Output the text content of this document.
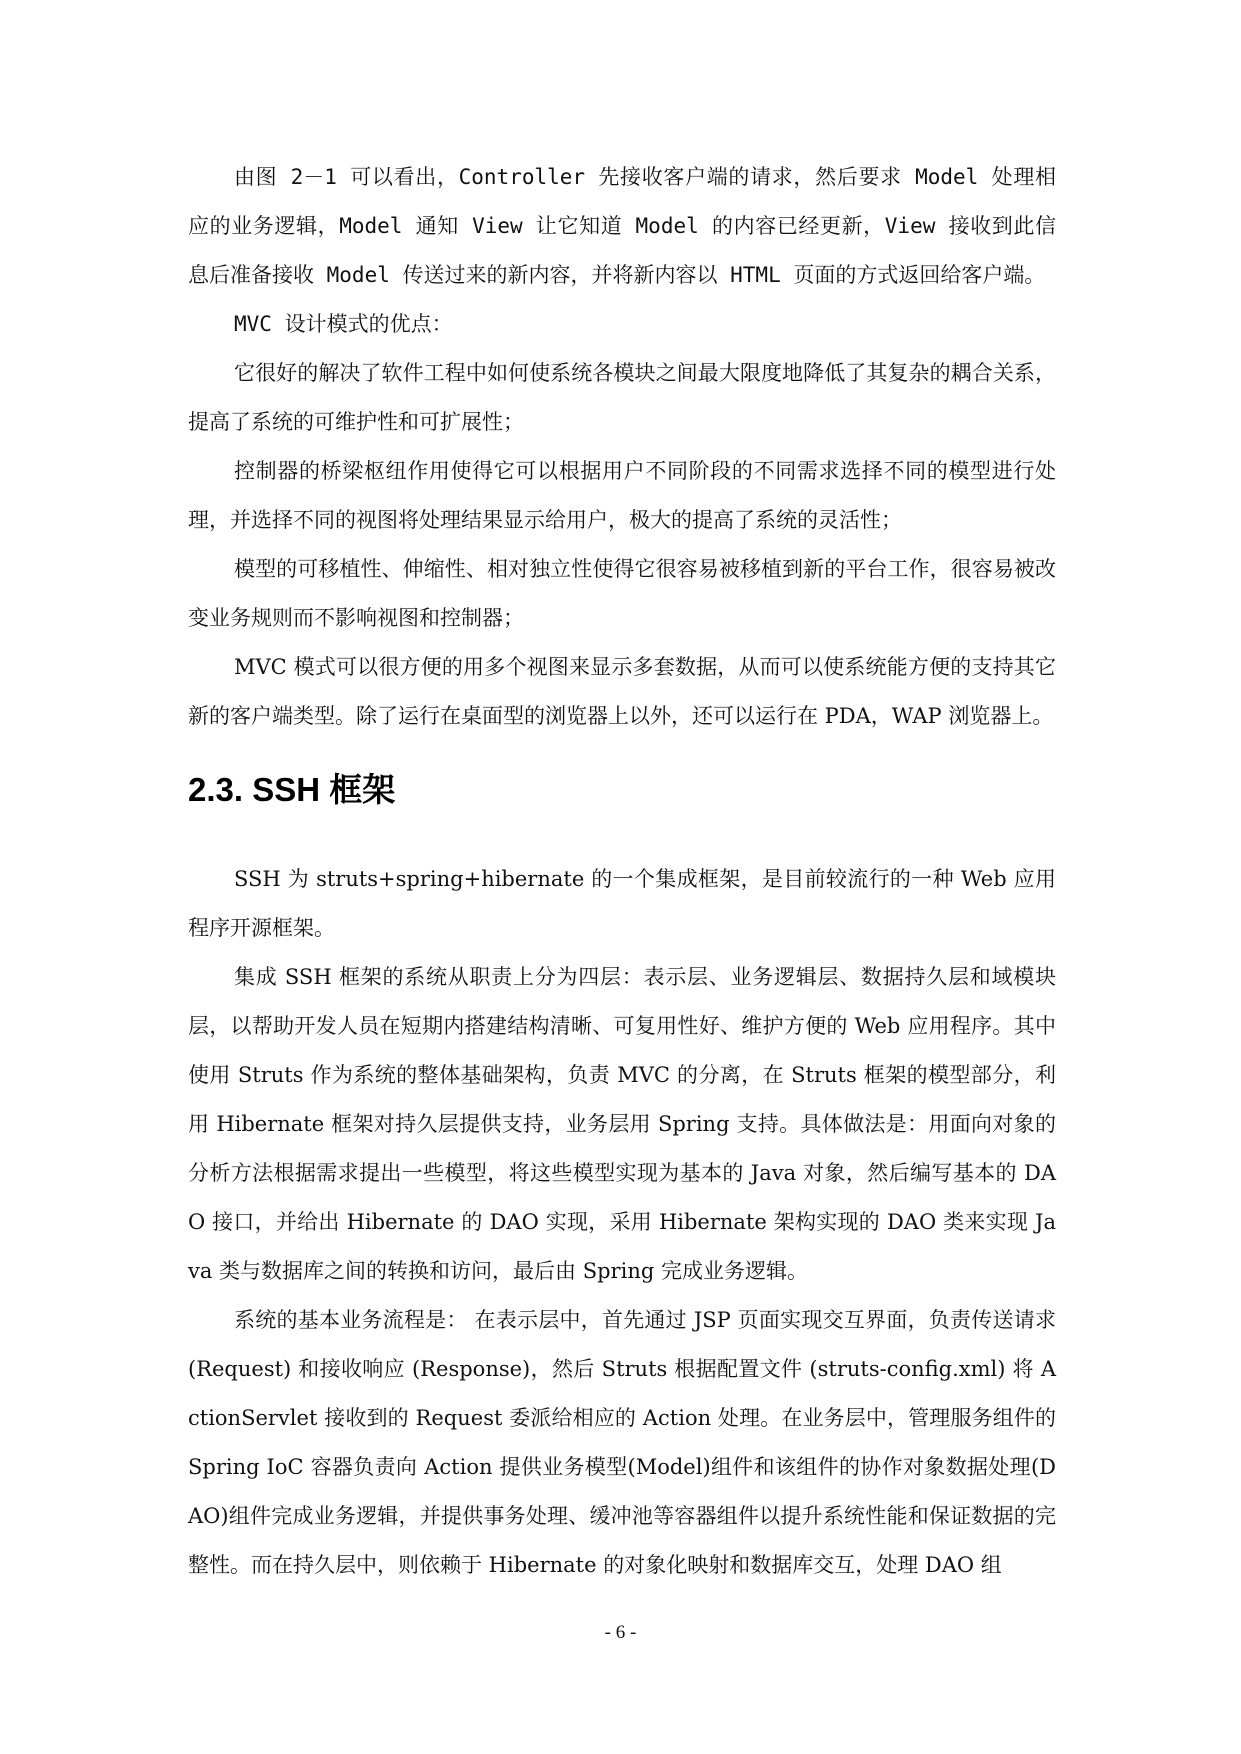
由图 2－1 可以看出，Controller 先接收客户端的请求，然后要求 Model 处理相应的业务逻辑，Model 通知 View 让它知道 Model 的内容已经更新，View 接收到此信息后准备接收 Model 传送过来的新内容，并将新内容以 HTML 页面的方式返回给客户端。

MVC 设计模式的优点：

它很好的解决了软件工程中如何使系统各模块之间最大限度地降低了其复杂的耦合关系，提高了系统的可维护性和可扩展性；

控制器的桥梁枢纽作用使得它可以根据用户不同阶段的不同需求选择不同的模型进行处理，并选择不同的视图将处理结果显示给用户，极大的提高了系统的灵活性；

模型的可移植性、伸缩性、相对独立性使得它很容易被移植到新的平台工作，很容易被改变业务规则而不影响视图和控制器；

MVC 模式可以很方便的用多个视图来显示多套数据，从而可以使系统能方便的支持其它新的客户端类型。除了运行在桌面型的浏览器上以外，还可以运行在 PDA，WAP 浏览器上。

2.3. SSH 框架

SSH 为 struts+spring+hibernate 的一个集成框架，是目前较流行的一种 Web 应用程序开源框架。

集成 SSH 框架的系统从职责上分为四层：表示层、业务逻辑层、数据持久层和域模块层，以帮助开发人员在短期内搭建结构清晰、可复用性好、维护方便的 Web 应用程序。其中使用 Struts 作为系统的整体基础架构，负责 MVC 的分离，在 Struts 框架的模型部分，利用 Hibernate 框架对持久层提供支持，业务层用 Spring 支持。具体做法是：用面向对象的分析方法根据需求提出一些模型，将这些模型实现为基本的 Java 对象，然后编写基本的 DAO 接口，并给出 Hibernate 的 DAO 实现，采用 Hibernate 架构实现的 DAO 类来实现 Java 类与数据库之间的转换和访问，最后由 Spring 完成业务逻辑。

系统的基本业务流程是： 在表示层中，首先通过 JSP 页面实现交互界面，负责传送请求 (Request) 和接收响应 (Response)，然后 Struts 根据配置文件 (struts-config.xml) 将 ActionServlet 接收到的 Request 委派给相应的 Action 处理。在业务层中，管理服务组件的 Spring IoC 容器负责向 Action 提供业务模型(Model)组件和该组件的协作对象数据处理(DAO)组件完成业务逻辑，并提供事务处理、缓冲池等容器组件以提升系统性能和保证数据的完整性。而在持久层中，则依赖于 Hibernate 的对象化映射和数据库交互，处理 DAO 组

- 6 -
